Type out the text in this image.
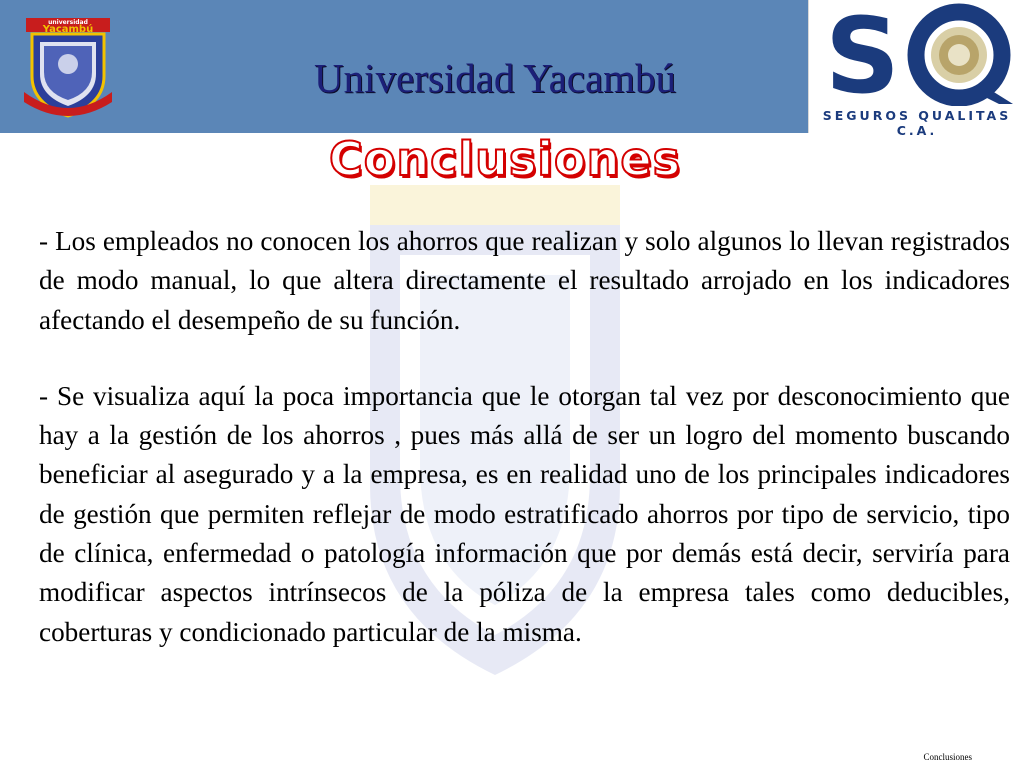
universidad
Yacambú
Universidad Yacambú	S
SEGUROS QUALITAS C.A.
Conclusiones

- Los empleados no conocen los ahorros que realizan y solo algunos lo llevan registrados de modo manual, lo que altera directamente el resultado arrojado en los indicadores afectando el desempeño de su función.

- Se visualiza aquí la poca importancia que le otorgan tal vez por desconocimiento que hay a la gestión de los ahorros , pues más allá de ser un logro del momento buscando beneficiar al asegurado y a la empresa, es en realidad uno de los principales indicadores de gestión que permiten reflejar de modo estratificado ahorros por tipo de servicio, tipo de clínica, enfermedad o patología información que por demás está decir, serviría para modificar aspectos intrínsecos de la póliza de la empresa tales como deducibles, coberturas y condicionado particular de la misma.

Conclusiones
